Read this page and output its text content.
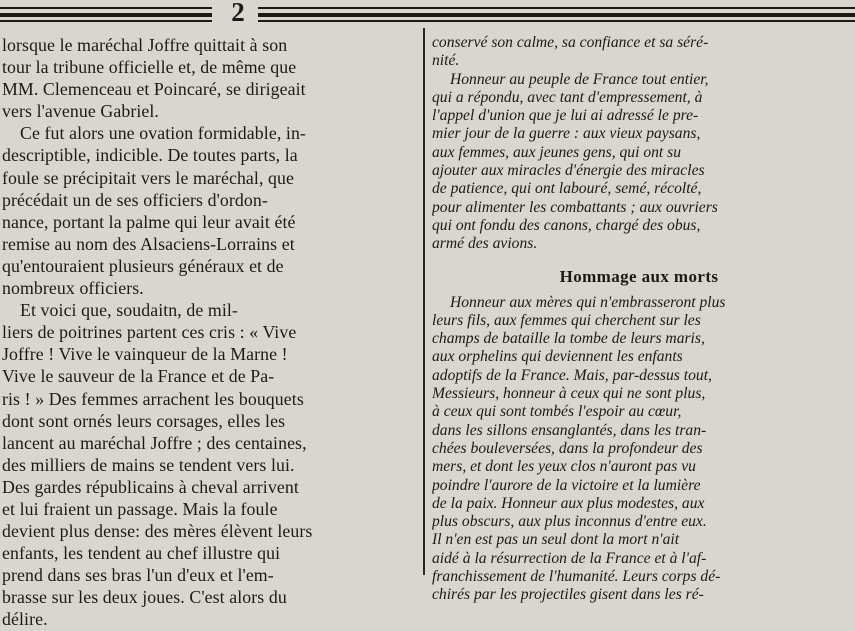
2
lorsque le maréchal Joffre quittait à son
tour la tribune officielle et, de même que
MM. Clemenceau et Poincaré, se dirigeait
vers l'avenue Gabriel.
Ce fut alors une ovation formidable, in-
descriptible, indicible. De toutes parts, la
foule se précipitait vers le maréchal, que
précédait un de ses officiers d'ordon-
nance, portant la palme qui leur avait été
remise au nom des Alsaciens-Lorrains et
qu'entouraient plusieurs généraux et de
nombreux officiers.
Et voici que, soudaitn, de mil-
liers de poitrines partent ces cris : « Vive
Joffre ! Vive le vainqueur de la Marne !
Vive le sauveur de la France et de Pa-
ris ! » Des femmes arrachent les bouquets
dont sont ornés leurs corsages, elles les
lancent au maréchal Joffre ; des centaines,
des milliers de mains se tendent vers lui.
Des gardes républicains à cheval arrivent
et lui fraient un passage. Mais la foule
devient plus dense: des mères élèvent leurs
enfants, les tendent au chef illustre qui
prend dans ses bras l'un d'eux et l'em-
brasse sur les deux joues. C'est alors du
délire.
conservé son calme, sa confiance et sa séré-
nité.
Honneur au peuple de France tout entier,
qui a répondu, avec tant d'empressement, à
l'appel d'union que je lui ai adressé le pre-
mier jour de la guerre : aux vieux paysans,
aux femmes, aux jeunes gens, qui ont su
ajouter aux miracles d'énergie des miracles
de patience, qui ont labouré, semé, récolté,
pour alimenter les combattants ; aux ouvriers
qui ont fondu des canons, chargé des obus,
armé des avions.
Hommage aux morts
Honneur aux mères qui n'embrasseront plus
leurs fils, aux femmes qui cherchent sur les
champs de bataille la tombe de leurs maris,
aux orphelins qui deviennent les enfants
adoptifs de la France. Mais, par-dessus tout,
Messieurs, honneur à ceux qui ne sont plus,
à ceux qui sont tombés l'espoir au cœur,
dans les sillons ensanglantés, dans les tran-
chées bouleversées, dans la profondeur des
mers, et dont les yeux clos n'auront pas vu
poindre l'aurore de la victoire et la lumière
de la paix. Honneur aux plus modestes, aux
plus obscurs, aux plus inconnus d'entre eux.
Il n'en est pas un seul dont la mort n'ait
aidé à la résurrection de la France et à l'af-
franchissement de l'humanité. Leurs corps dé-
chirés par les projectiles gisent dans les ré-
